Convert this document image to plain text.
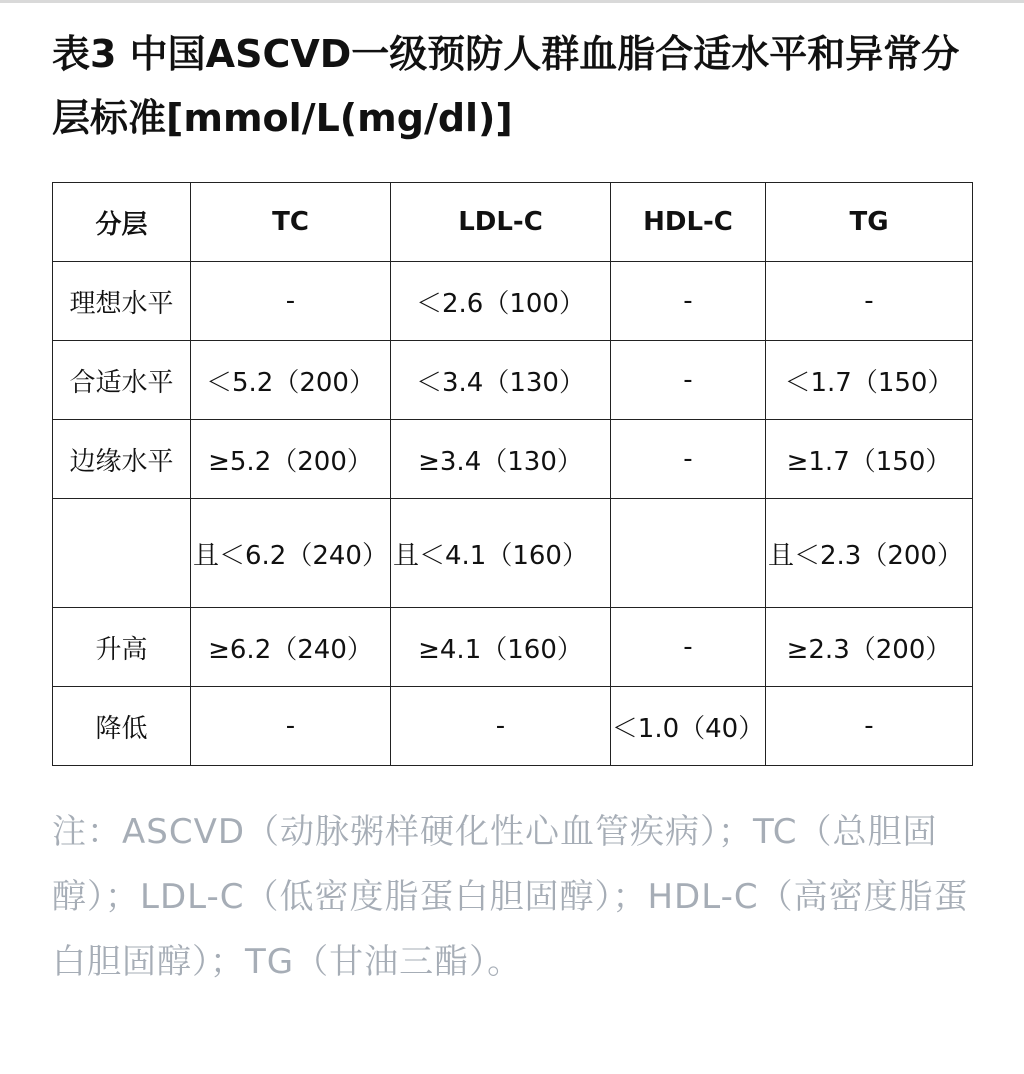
表3 中国ASCVD一级预防人群血脂合适水平和异常分层标准[mmol/L(mg/dl)]
分层	TC	LDL-C	HDL-C	TG
理想水平	-	＜2.6（100）	-	-
合适水平	＜5.2（200）	＜3.4（130）	-	＜1.7（150）
边缘水平	≥5.2（200）	≥3.4（130）	-	≥1.7（150）
	且＜6.2（240）	且＜4.1（160）		且＜2.3（200）
升高	≥6.2（240）	≥4.1（160）	-	≥2.3（200）
降低	-	-	＜1.0（40）	-

注：ASCVD（动脉粥样硬化性心血管疾病）；TC（总胆固醇）；LDL-C（低密度脂蛋白胆固醇）；HDL-C（高密度脂蛋白胆固醇）；TG（甘油三酯）。
